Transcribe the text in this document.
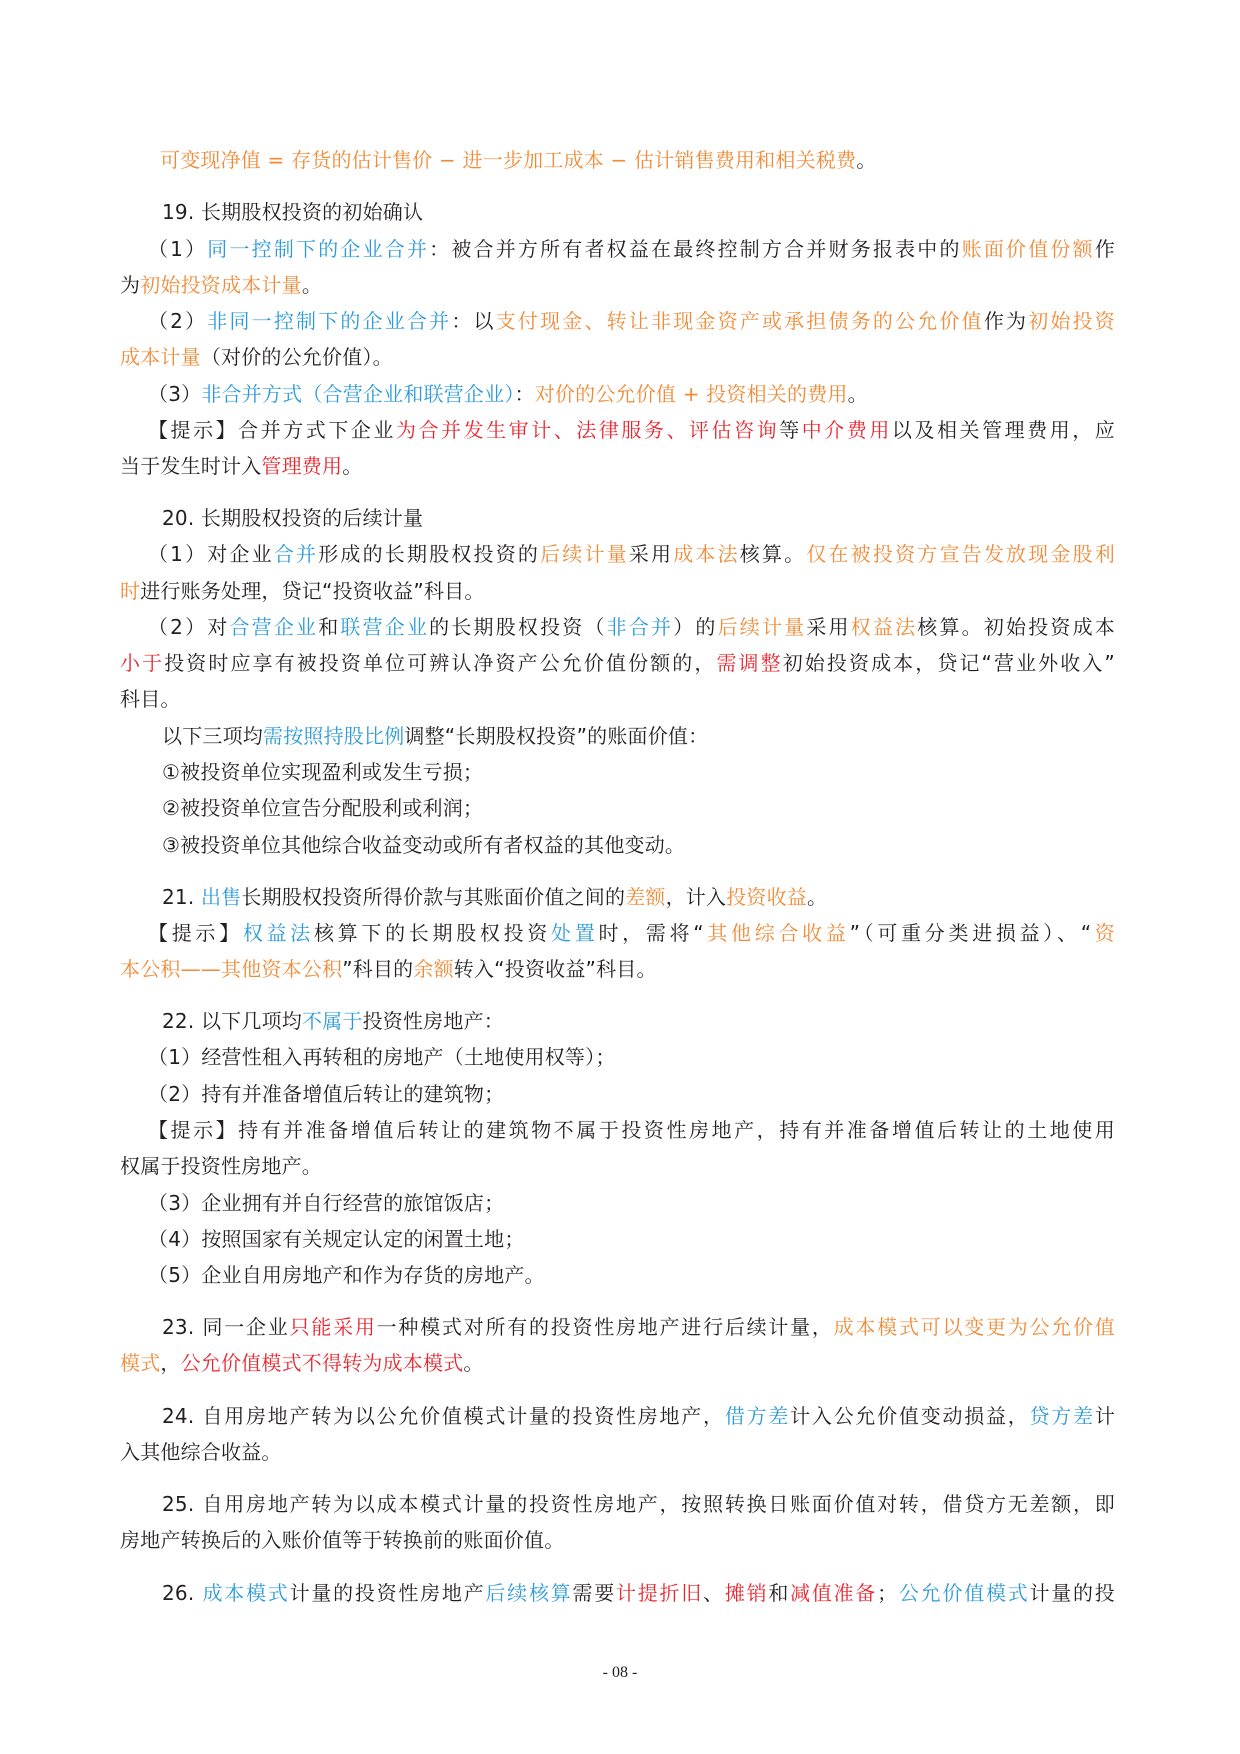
可变现净值 = 存货的估计售价 − 进一步加工成本 − 估计销售费用和相关税费。
19. 长期股权投资的初始确认
（1）同一控制下的企业合并：被合并方所有者权益在最终控制方合并财务报表中的账面价值份额作
为初始投资成本计量。
（2）非同一控制下的企业合并：以支付现金、转让非现金资产或承担债务的公允价值作为初始投资
成本计量（对价的公允价值）。
（3）非合并方式（合营企业和联营企业）：对价的公允价值 + 投资相关的费用。
【提示】合并方式下企业为合并发生审计、法律服务、评估咨询等中介费用以及相关管理费用，应
当于发生时计入管理费用。
20. 长期股权投资的后续计量
（1）对企业合并形成的长期股权投资的后续计量采用成本法核算。仅在被投资方宣告发放现金股利
时进行账务处理，贷记“投资收益”科目。
（2）对合营企业和联营企业的长期股权投资（非合并）的后续计量采用权益法核算。初始投资成本
小于投资时应享有被投资单位可辨认净资产公允价值份额的，需调整初始投资成本，贷记“营业外收入”
科目。
以下三项均需按照持股比例调整“长期股权投资”的账面价值：
①被投资单位实现盈利或发生亏损；
②被投资单位宣告分配股利或利润；
③被投资单位其他综合收益变动或所有者权益的其他变动。
21. 出售长期股权投资所得价款与其账面价值之间的差额，计入投资收益。
【提示】权益法核算下的长期股权投资处置时，需将“其他综合收益”（可重分类进损益）、“资
本公积——其他资本公积”科目的余额转入“投资收益”科目。
22. 以下几项均不属于投资性房地产：
（1）经营性租入再转租的房地产（土地使用权等）；
（2）持有并准备增值后转让的建筑物；
【提示】持有并准备增值后转让的建筑物不属于投资性房地产，持有并准备增值后转让的土地使用
权属于投资性房地产。
（3）企业拥有并自行经营的旅馆饭店；
（4）按照国家有关规定认定的闲置土地；
（5）企业自用房地产和作为存货的房地产。
23. 同一企业只能采用一种模式对所有的投资性房地产进行后续计量，成本模式可以变更为公允价值
模式，公允价值模式不得转为成本模式。
24. 自用房地产转为以公允价值模式计量的投资性房地产，借方差计入公允价值变动损益，贷方差计
入其他综合收益。
25. 自用房地产转为以成本模式计量的投资性房地产，按照转换日账面价值对转，借贷方无差额，即
房地产转换后的入账价值等于转换前的账面价值。
26. 成本模式计量的投资性房地产后续核算需要计提折旧、摊销和减值准备；公允价值模式计量的投
- 08 -
